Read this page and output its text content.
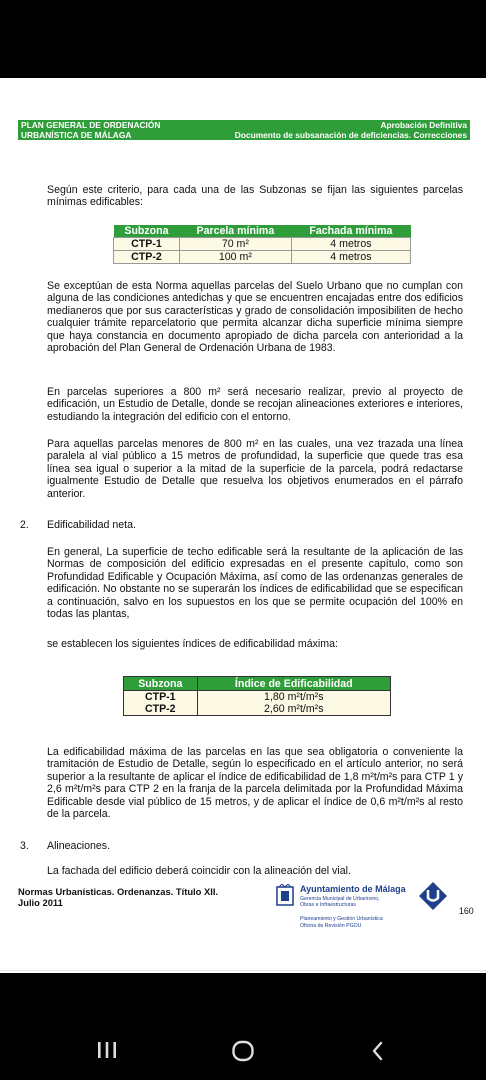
PLAN GENERAL DE ORDENACIÓN
URBANÍSTICA DE MÁLAGA
Aprobación Definitiva
Documento de subsanación de deficiencias. Correcciones

Según este criterio, para cada una de las Subzonas se fijan las siguientes parcelas mínimas edificables:

Subzona	Parcela mínima	Fachada mínima
CTP-1	70 m²	4 metros
CTP-2	100 m²	4 metros

Se exceptúan de esta Norma aquellas parcelas del Suelo Urbano que no cumplan con alguna de las condiciones antedichas y que se encuentren encajadas entre dos edificios medianeros que por sus características y grado de consolidación imposibiliten de hecho cualquier trámite reparcelatorio que permita alcanzar dicha superficie mínima siempre que haya constancia en documento apropiado de dicha parcela con anterioridad a la aprobación del Plan General de Ordenación Urbana de 1983.

En parcelas superiores a 800 m² será necesario realizar, previo al proyecto de edificación, un Estudio de Detalle, donde se recojan alineaciones exteriores e interiores, estudiando la integración del edificio con el entorno.

Para aquellas parcelas menores de 800 m² en las cuales, una vez trazada una línea paralela al vial público a 15 metros de profundidad, la superficie que quede tras esa línea sea igual o superior a la mitad de la superficie de la parcela, podrá redactarse igualmente Estudio de Detalle que resuelva los objetivos enumerados en el párrafo anterior.

2. Edificabilidad neta.

En general, La superficie de techo edificable será la resultante de la aplicación de las Normas de composición del edificio expresadas en el presente capítulo, como son Profundidad Edificable y Ocupación Máxima, así como de las ordenanzas generales de edificación. No obstante no se superarán los índices de edificabilidad que se especifican a continuación, salvo en los supuestos en los que se permite ocupación del 100% en todas las plantas,

se establecen los siguientes índices de edificabilidad máxima:

Subzona	Índice de Edificabilidad
CTP-1	1,80 m²t/m²s
CTP-2	2,60 m²t/m²s

La edificabilidad máxima de las parcelas en las que sea obligatoria o conveniente la tramitación de Estudio de Detalle, según lo especificado en el artículo anterior, no será superior a la resultante de aplicar el índice de edificabilidad de 1,8 m²t/m²s para CTP 1 y 2,6 m²t/m²s para CTP 2 en la franja de la parcela delimitada por la Profundidad Máxima Edificable desde vial público de 15 metros, y de aplicar el índice de 0,6 m²t/m²s al resto de la parcela.

3. Alineaciones.

La fachada del edificio deberá coincidir con la alineación del vial.

Normas Urbanísticas. Ordenanzas. Título XII.
Julio 2011
Ayuntamiento de Málaga
Gerencia Municipal de Urbanismo,
Obras e Infraestructuras
Planeamiento y Gestión Urbanística
Oficina de Revisión PGOU
160
